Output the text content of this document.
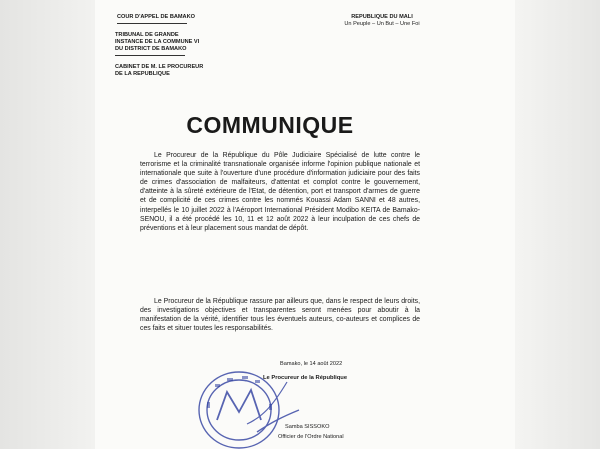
COUR D'APPEL DE BAMAKO
TRIBUNAL DE GRANDE
INSTANCE DE LA COMMUNE VI
DU DISTRICT DE BAMAKO
CABINET DE M. LE PROCUREUR
DE LA REPUBLIQUE
REPUBLIQUE DU MALI
Un Peuple – Un But – Une Foi
COMMUNIQUE
Le Procureur de la République du Pôle Judiciaire Spécialisé de lutte contre le terrorisme et la criminalité transnationale organisée informe l'opinion publique nationale et internationale que suite à l'ouverture d'une procédure d'information judiciaire pour des faits de crimes d'association de malfaiteurs, d'attentat et complot contre le gouvernement, d'atteinte à la sûreté extérieure de l'Etat, de détention, port et transport d'armes de guerre et de complicité de ces crimes contre les nommés Kouassi Adam SANNI et 48 autres, interpellés le 10 juillet 2022 à l'Aéroport International Président Modibo KEITA de Bamako-SENOU, il a été procédé les 10, 11 et 12 août 2022 à leur inculpation de ces chefs de préventions et à leur placement sous mandat de dépôt.
Le Procureur de la République rassure par ailleurs que, dans le respect de leurs droits, des investigations objectives et transparentes seront menées pour aboutir à la manifestation de la vérité, identifier tous les éventuels auteurs, co-auteurs et complices de ces faits et situer toutes les responsabilités.
Bamako, le 14 août 2022
Le Procureur de la République
Samba SISSOKO
Officier de l'Ordre National
